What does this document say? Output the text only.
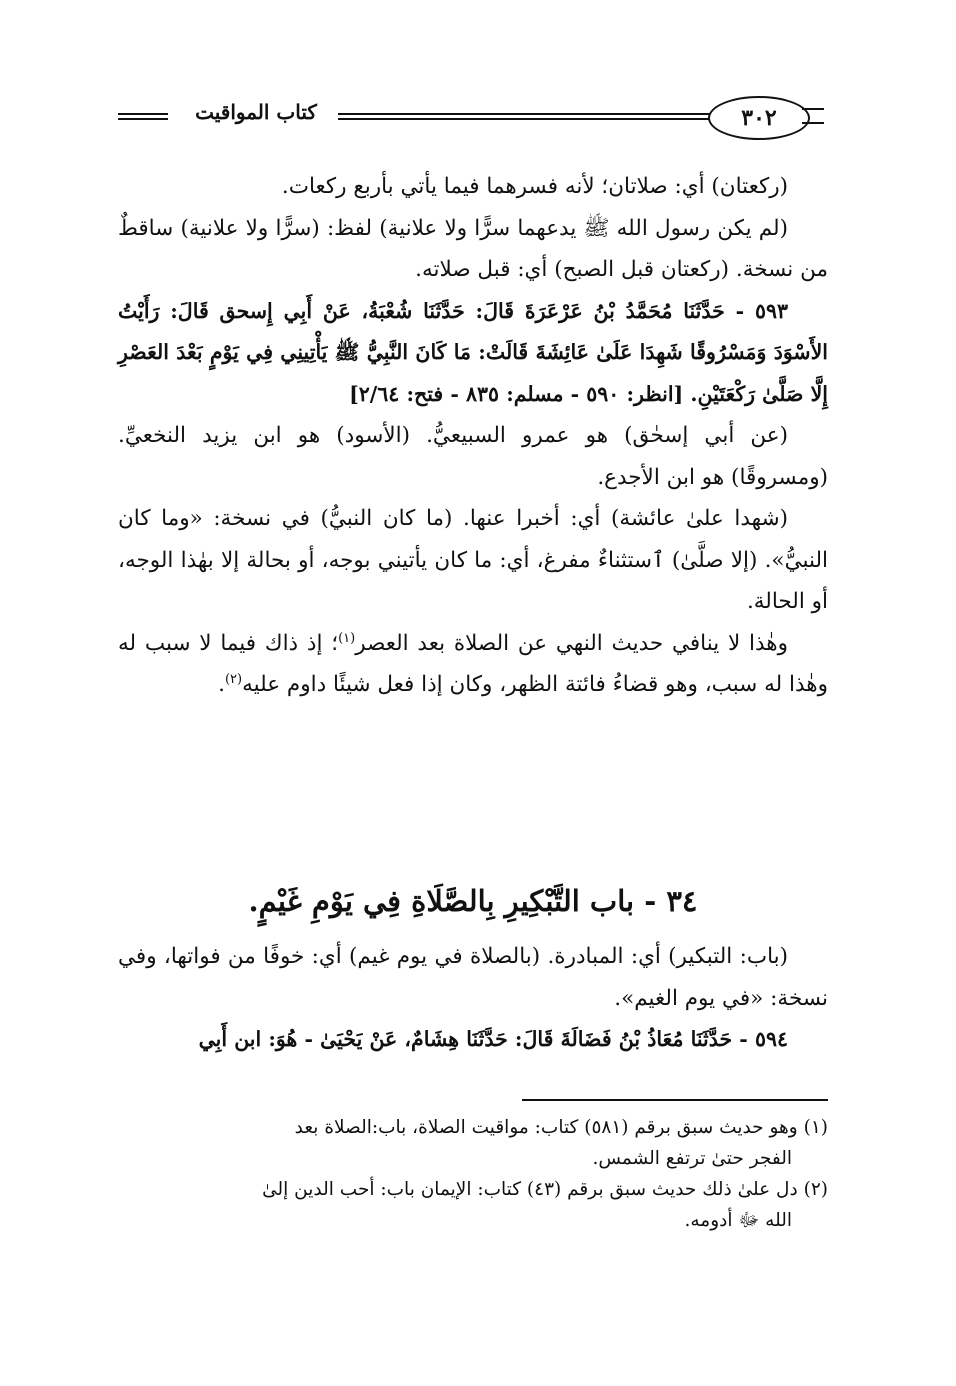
كتاب المواقيت	٣٠٢

(ركعتان) أي: صلاتان؛ لأنه فسرهما فيما يأتي بأربع ركعات.

(لم يكن رسول الله ﷺ يدعهما سرًّا ولا علانية) لفظ: (سرًّا ولا علانية) ساقطٌ من نسخة. (ركعتان قبل الصبح) أي: قبل صلاته.

٥٩٣ - حَدَّثَنَا مُحَمَّدُ بْنُ عَرْعَرَةَ قَالَ: حَدَّثَنَا شُعْبَةُ، عَنْ أَبِي إِسحق قَالَ: رَأَيْتُ الأَسْوَدَ وَمَسْرُوقًا شَهِدَا عَلَىٰ عَائِشَةَ قَالَتْ: مَا كَانَ النَّبِيُّ ﷺ يَأْتِينِي فِي يَوْمٍ بَعْدَ العَصْرِ إِلَّا صَلَّىٰ رَكْعَتَيْنِ. [انظر: ٥٩٠ - مسلم: ٨٣٥ - فتح: ٢/٦٤]

(عن أبي إسحٰق) هو عمرو السبيعيُّ. (الأسود) هو ابن يزيد النخعيِّ. (ومسروقًا) هو ابن الأجدع.

(شهدا علىٰ عائشة) أي: أخبرا عنها. (ما كان النبيُّ) في نسخة: «وما كان النبيُّ». (إلا صلَّىٰ) ٱستثناءٌ مفرغ، أي: ما كان يأتيني بوجه، أو بحالة إلا بهٰذا الوجه، أو الحالة.

وهٰذا لا ينافي حديث النهي عن الصلاة بعد العصر$^{(١)}$؛ إذ ذاك فيما لا سبب له وهٰذا له سبب، وهو قضاءُ فائتة الظهر، وكان إذا فعل شيئًا داوم عليه$^{(٢)}$.

٣٤ - باب التَّبْكِيرِ بِالصَّلَاةِ فِي يَوْمِ غَيْمٍ.

(باب: التبكير) أي: المبادرة. (بالصلاة في يوم غيم) أي: خوفًا من فواتها، وفي نسخة: «في يوم الغيم».

٥٩٤ - حَدَّثَنَا مُعَاذُ بْنُ فَضَالَةَ قَالَ: حَدَّثَنَا هِشَامٌ، عَنْ يَحْيَىٰ - هُوَ: ابن أَبِي

(١) وهو حديث سبق برقم (٥٨١) كتاب: مواقيت الصلاة، باب:الصلاة بعد
الفجر حتىٰ ترتفع الشمس.
(٢) دل علىٰ ذلك حديث سبق برقم (٤٣) كتاب: الإيمان باب: أحب الدين إلىٰ
الله ﷻ أدومه.
